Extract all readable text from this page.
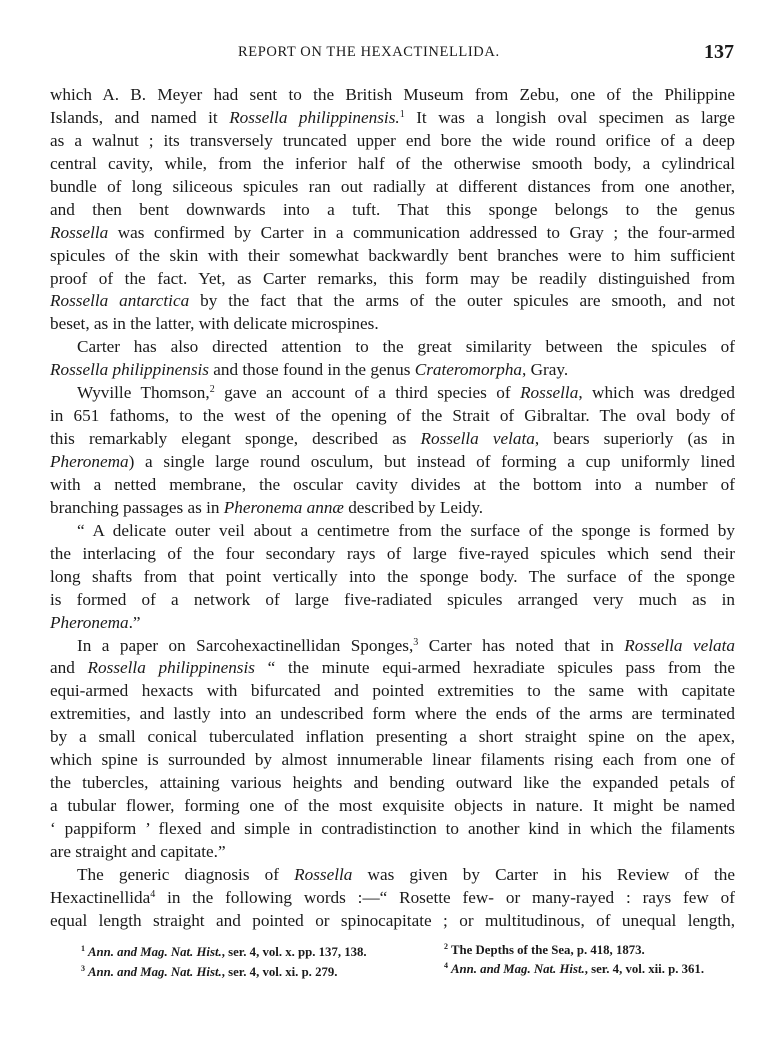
REPORT ON THE HEXACTINELLIDA.	137
which A. B. Meyer had sent to the British Museum from Zebu, one of the Philippine
Islands, and named it Rossella philippinensis.$^1$ It was a longish oval specimen as large
as a walnut ; its transversely truncated upper end bore the wide round orifice of a deep
central cavity, while, from the inferior half of the otherwise smooth body, a cylindrical
bundle of long siliceous spicules ran out radially at different distances from one another,
and then bent downwards into a tuft. That this sponge belongs to the genus
Rossella was confirmed by Carter in a communication addressed to Gray ; the four-armed
spicules of the skin with their somewhat backwardly bent branches were to him sufficient
proof of the fact. Yet, as Carter remarks, this form may be readily distinguished from
Rossella antarctica by the fact that the arms of the outer spicules are smooth, and not
beset, as in the latter, with delicate microspines.
Carter has also directed attention to the great similarity between the spicules of
Rossella philippinensis and those found in the genus Crateromorpha, Gray.
Wyville Thomson,$^2$ gave an account of a third species of Rossella, which was dredged
in 651 fathoms, to the west of the opening of the Strait of Gibraltar. The oval body of
this remarkably elegant sponge, described as Rossella velata, bears superiorly (as in
Pheronema) a single large round osculum, but instead of forming a cup uniformly lined
with a netted membrane, the oscular cavity divides at the bottom into a number of
branching passages as in Pheronema annæ described by Leidy.
“ A delicate outer veil about a centimetre from the surface of the sponge is formed by
the interlacing of the four secondary rays of large five-rayed spicules which send their
long shafts from that point vertically into the sponge body. The surface of the sponge
is formed of a network of large five-radiated spicules arranged very much as in
Pheronema.”
In a paper on Sarcohexactinellidan Sponges,$^3$ Carter has noted that in Rossella velata
and Rossella philippinensis “ the minute equi-armed hexradiate spicules pass from the
equi-armed hexacts with bifurcated and pointed extremities to the same with capitate
extremities, and lastly into an undescribed form where the ends of the arms are terminated
by a small conical tuberculated inflation presenting a short straight spine on the apex,
which spine is surrounded by almost innumerable linear filaments rising each from one of
the tubercles, attaining various heights and bending outward like the expanded petals of
a tubular flower, forming one of the most exquisite objects in nature. It might be named
‘ pappiform ’ flexed and simple in contradistinction to another kind in which the filaments
are straight and capitate.”
The generic diagnosis of Rossella was given by Carter in his Review of the
Hexactinellida$^4$ in the following words :—“ Rosette few- or many-rayed : rays few of
equal length straight and pointed or spinocapitate ; or multitudinous, of unequal length,
$^1$ Ann. and Mag. Nat. Hist., ser. 4, vol. x. pp. 137, 138.	$^2$ The Depths of the Sea, p. 418, 1873.
$^3$ Ann. and Mag. Nat. Hist., ser. 4, vol. xi. p. 279.	$^4$ Ann. and Mag. Nat. Hist., ser. 4, vol. xii. p. 361.
